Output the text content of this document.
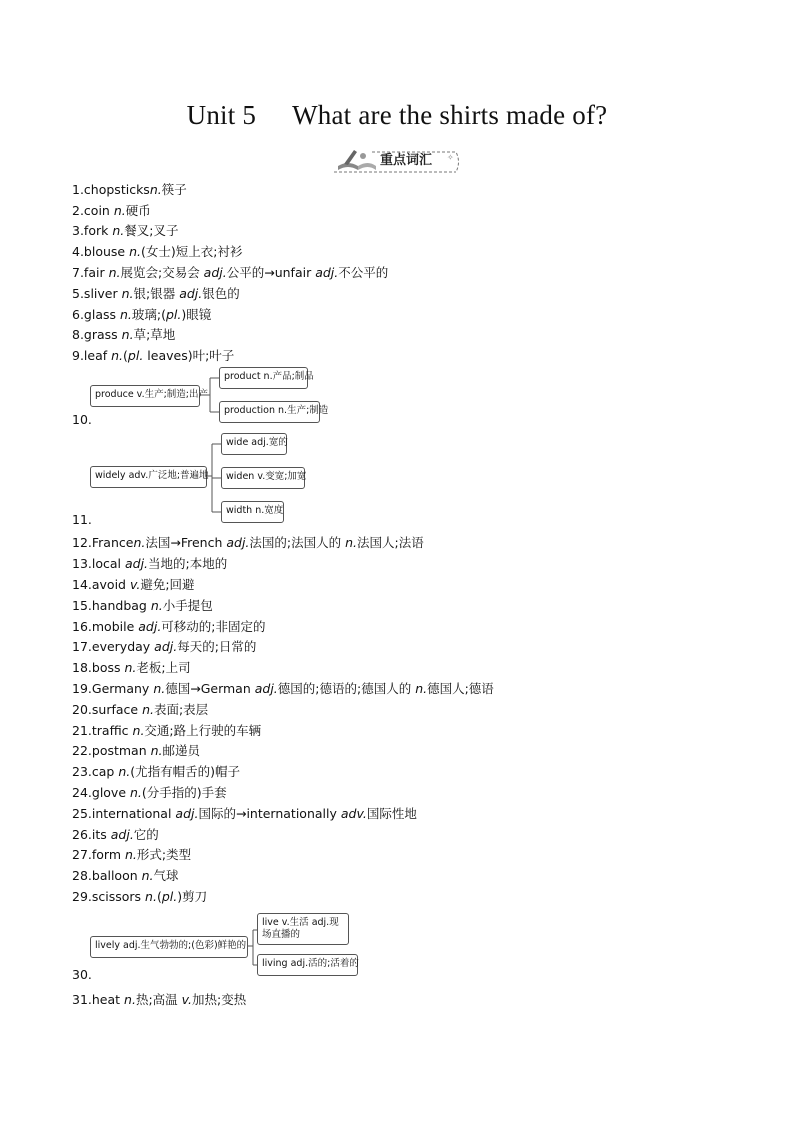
Unit 5 What are the shirts made of?
✧
重点词汇
1.chopsticksn.筷子
2.coin n.硬币
3.fork n.餐叉;叉子
4.blouse n.(女士)短上衣;衬衫
7.fair n.展览会;交易会 adj.公平的→unfair adj.不公平的
5.sliver n.银;银器 adj.银色的
6.glass n.玻璃;(pl.)眼镜
8.grass n.草;草地
9.leaf n.(pl. leaves)叶;叶子
produce v.生产;制造;出产
product n.产品;制品
production n.生产;制造
10.
widely adv.广泛地;普遍地
wide adj.宽的
widen v.变宽;加宽
width n.宽度
11.
12.Francen.法国→French adj.法国的;法国人的 n.法国人;法语
13.local adj.当地的;本地的
14.avoid v.避免;回避
15.handbag n.小手提包
16.mobile adj.可移动的;非固定的
17.everyday adj.每天的;日常的
18.boss n.老板;上司
19.Germany n.德国→German adj.德国的;德语的;德国人的 n.德国人;德语
20.surface n.表面;表层
21.traffic n.交通;路上行驶的车辆
22.postman n.邮递员
23.cap n.(尤指有帽舌的)帽子
24.glove n.(分手指的)手套
25.international adj.国际的→internationally adv.国际性地
26.its adj.它的
27.form n.形式;类型
28.balloon n.气球
29.scissors n.(pl.)剪刀
lively adj.生气勃勃的;(色彩)鲜艳的
live v.生活 adj.现场直播的
living adj.活的;活着的
30.
31.heat n.热;高温 v.加热;变热
